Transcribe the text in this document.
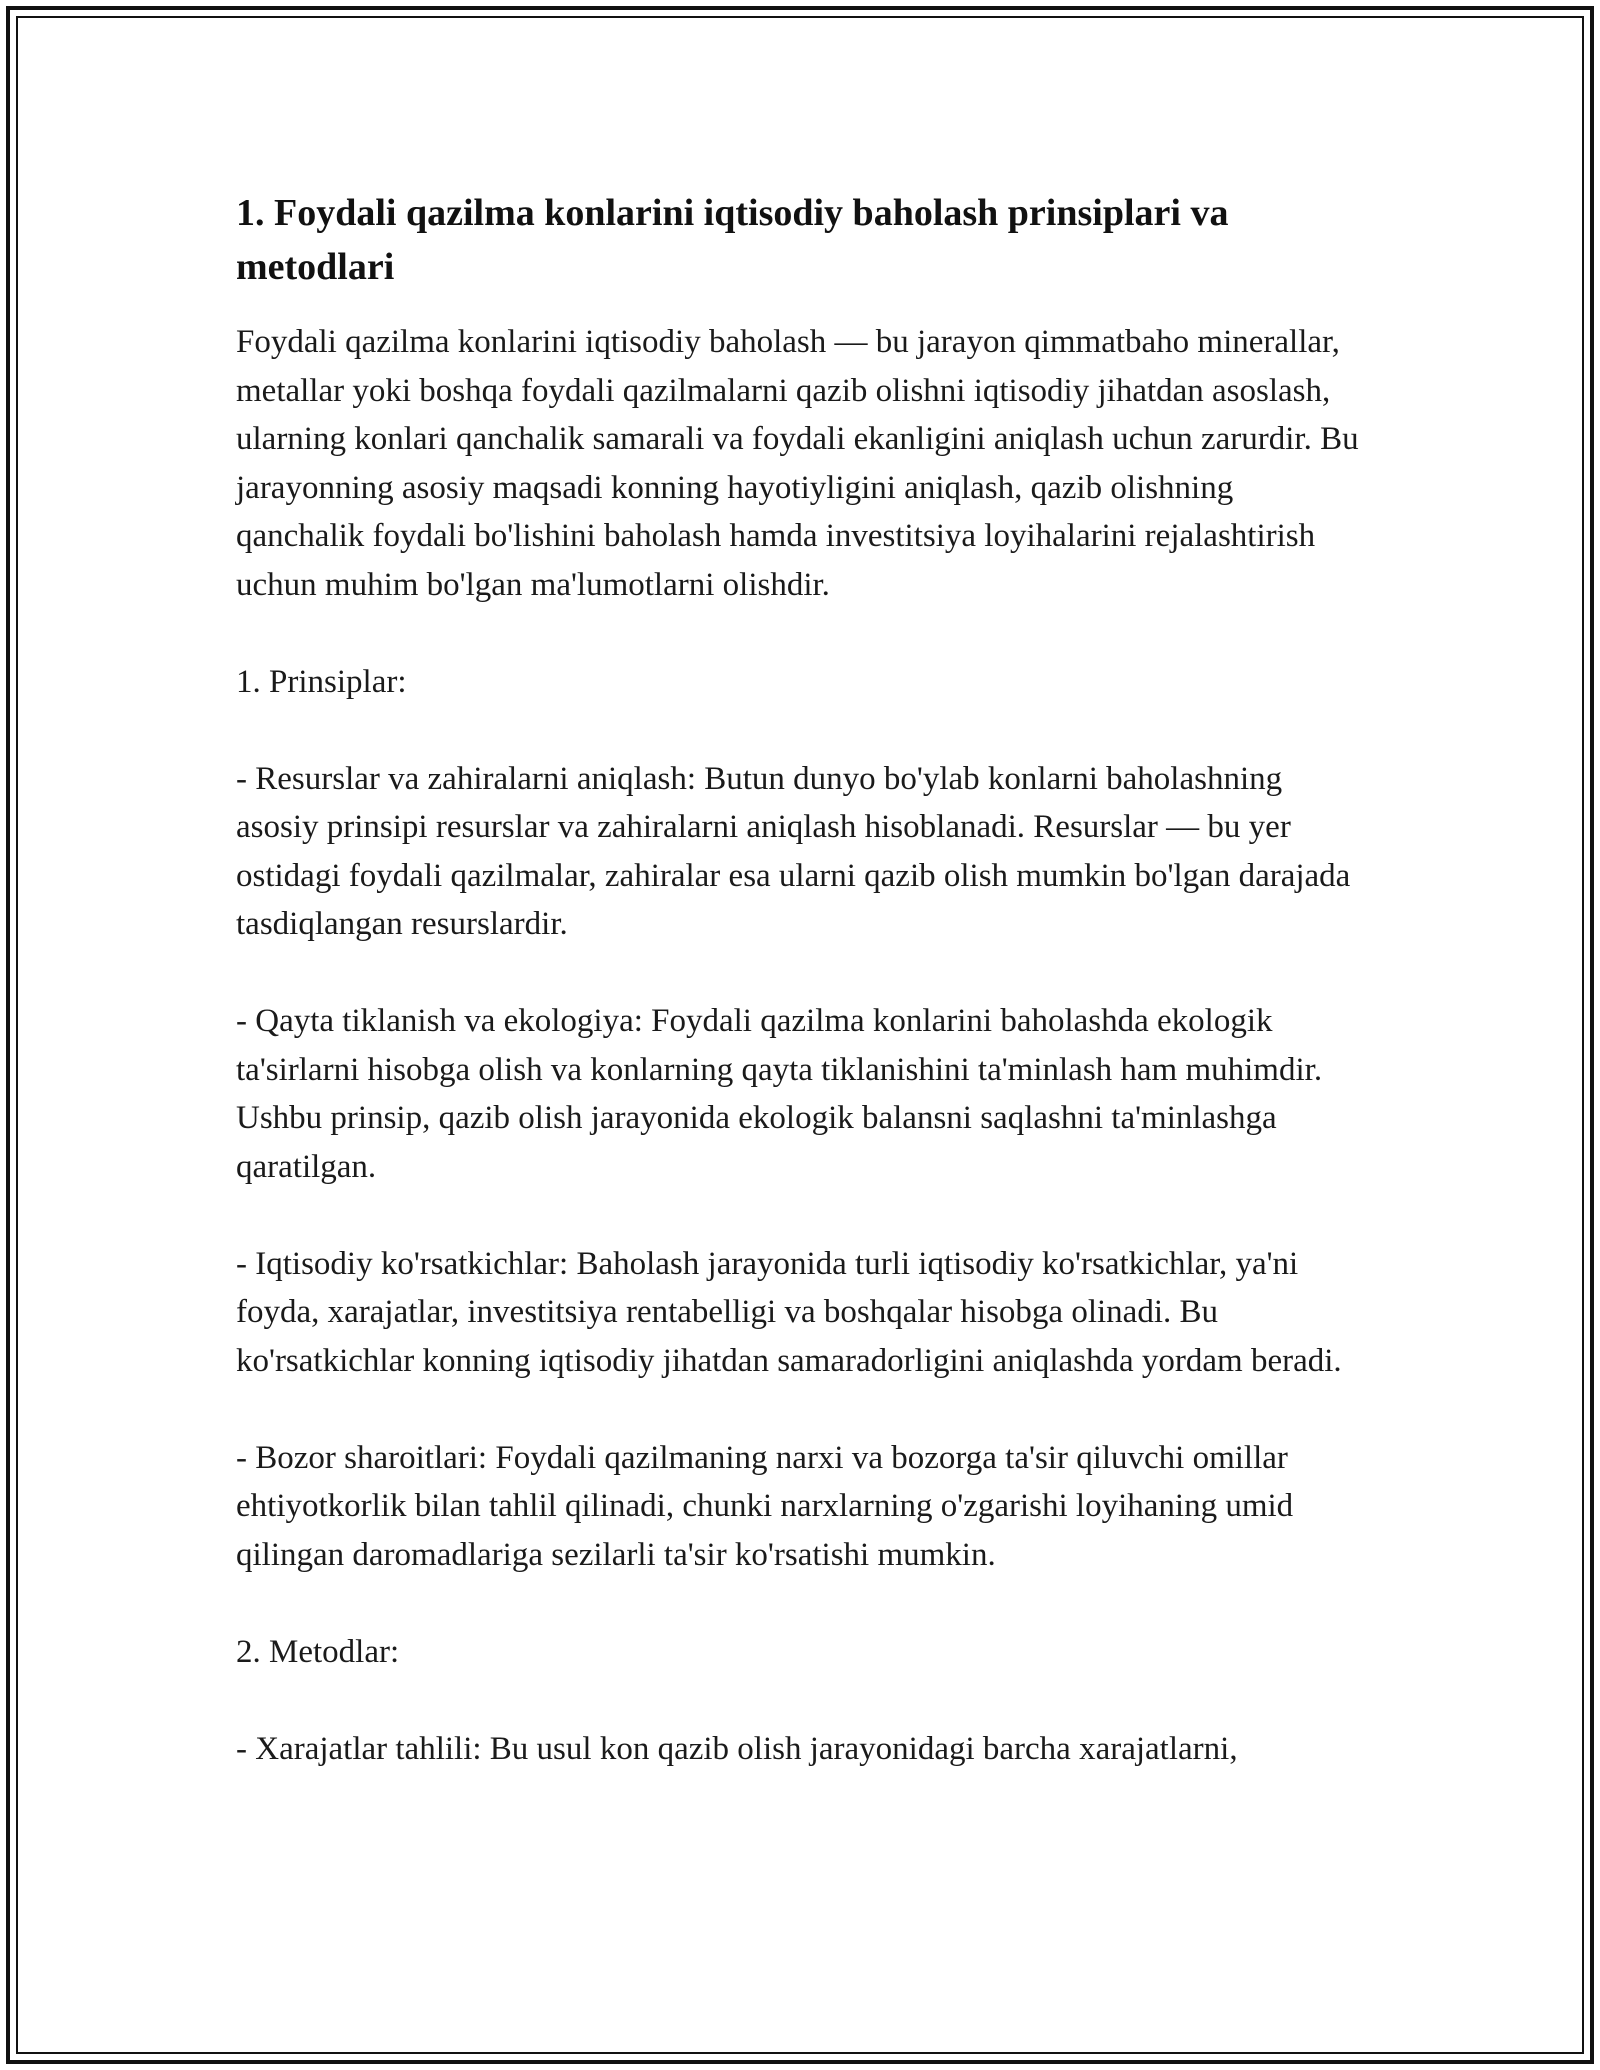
1. Foydali qazilma konlarini iqtisodiy baholash prinsiplari va metodlari

Foydali qazilma konlarini iqtisodiy baholash — bu jarayon qimmatbaho minerallar, metallar yoki boshqa foydali qazilmalarni qazib olishni iqtisodiy jihatdan asoslash, ularning konlari qanchalik samarali va foydali ekanligini aniqlash uchun zarurdir. Bu jarayonning asosiy maqsadi konning hayotiyligini aniqlash, qazib olishning qanchalik foydali bo'lishini baholash hamda investitsiya loyihalarini rejalashtirish uchun muhim bo'lgan ma'lumotlarni olishdir.

1. Prinsiplar:

- Resurslar va zahiralarni aniqlash: Butun dunyo bo'ylab konlarni baholashning asosiy prinsipi resurslar va zahiralarni aniqlash hisoblanadi. Resurslar — bu yer ostidagi foydali qazilmalar, zahiralar esa ularni qazib olish mumkin bo'lgan darajada tasdiqlangan resurslardir.

- Qayta tiklanish va ekologiya: Foydali qazilma konlarini baholashda ekologik ta'sirlarni hisobga olish va konlarning qayta tiklanishini ta'minlash ham muhimdir. Ushbu prinsip, qazib olish jarayonida ekologik balansni saqlashni ta'minlashga qaratilgan.

- Iqtisodiy ko'rsatkichlar: Baholash jarayonida turli iqtisodiy ko'rsatkichlar, ya'ni foyda, xarajatlar, investitsiya rentabelligi va boshqalar hisobga olinadi. Bu ko'rsatkichlar konning iqtisodiy jihatdan samaradorligini aniqlashda yordam beradi.

- Bozor sharoitlari: Foydali qazilmaning narxi va bozorga ta'sir qiluvchi omillar ehtiyotkorlik bilan tahlil qilinadi, chunki narxlarning o'zgarishi loyihaning umid qilingan daromadlariga sezilarli ta'sir ko'rsatishi mumkin.

2. Metodlar:

- Xarajatlar tahlili: Bu usul kon qazib olish jarayonidagi barcha xarajatlarni,
